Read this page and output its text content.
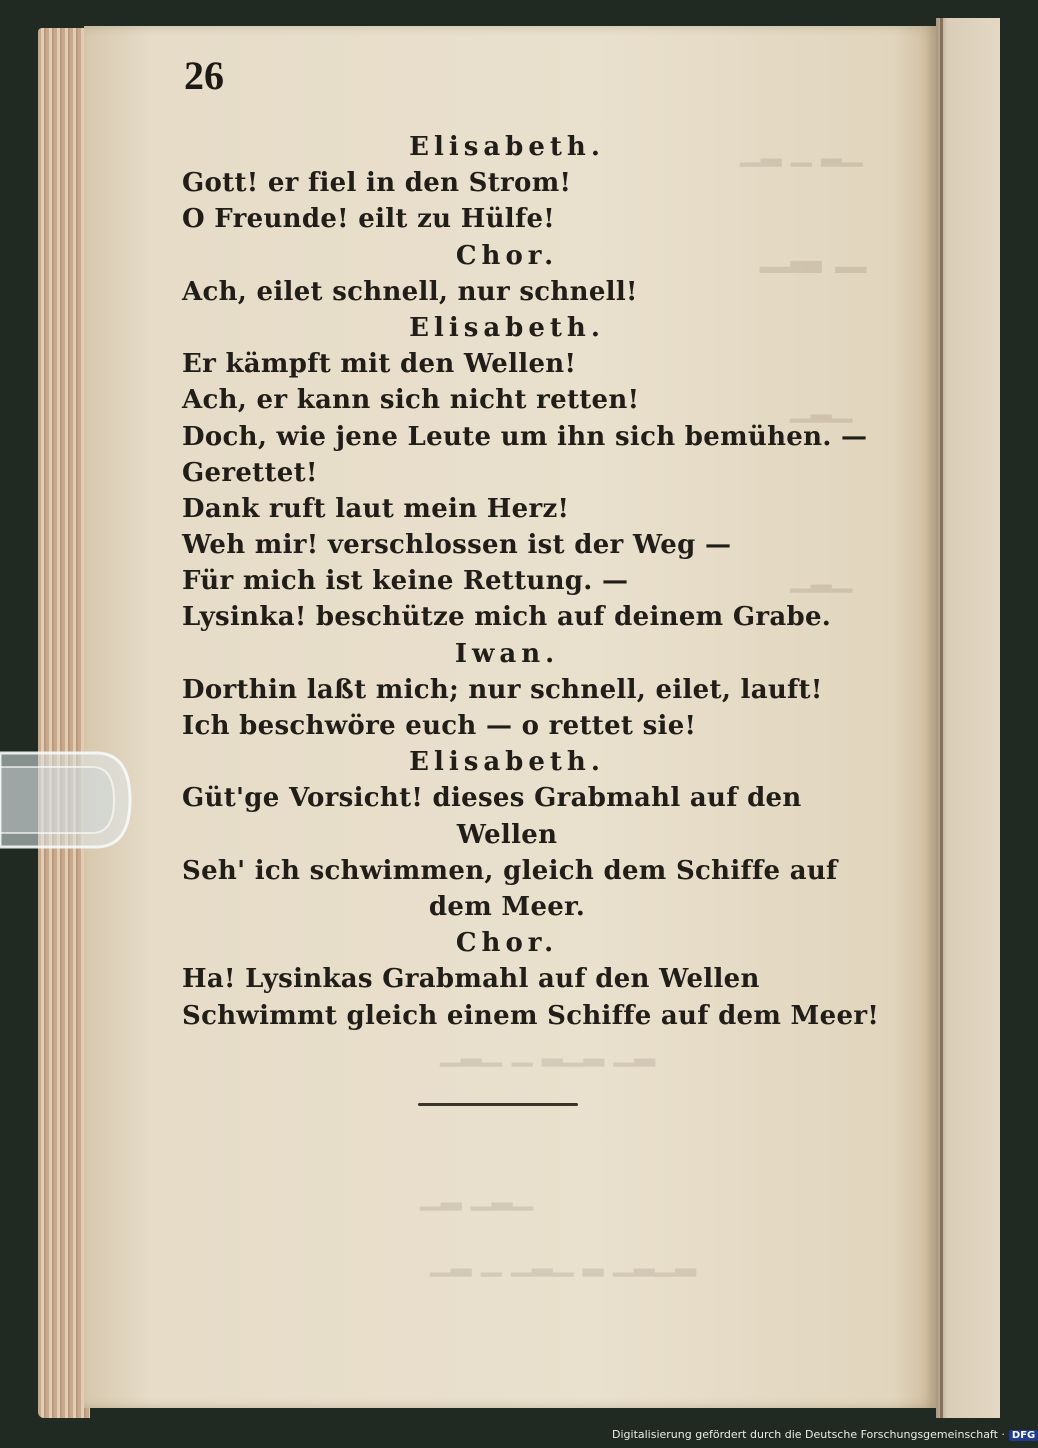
26
Elisabeth.
Gott! er fiel in den Strom!
O Freunde! eilt zu Hülfe!
Chor.
Ach, eilet schnell, nur schnell!
Elisabeth.
Er kämpft mit den Wellen!
Ach, er kann sich nicht retten!
Doch, wie jene Leute um ihn sich bemühen. —
Gerettet!
Dank ruft laut mein Herz!
Weh mir! verschlossen ist der Weg —
Für mich ist keine Rettung. —
Lysinka! beschütze mich auf deinem Grabe.
Iwan.
Dorthin laßt mich; nur schnell, eilet, lauft!
Ich beschwöre euch — o rettet sie!
Elisabeth.
Güt'ge Vorsicht! dieses Grabmahl auf den
Wellen
Seh' ich schwimmen, gleich dem Schiffe auf
dem Meer.
Chor.
Ha! Lysinkas Grabmahl auf den Wellen
Schwimmt gleich einem Schiffe auf dem Meer!
Digitalisierung gefördert durch die Deutsche Forschungsgemeinschaft · DFG
